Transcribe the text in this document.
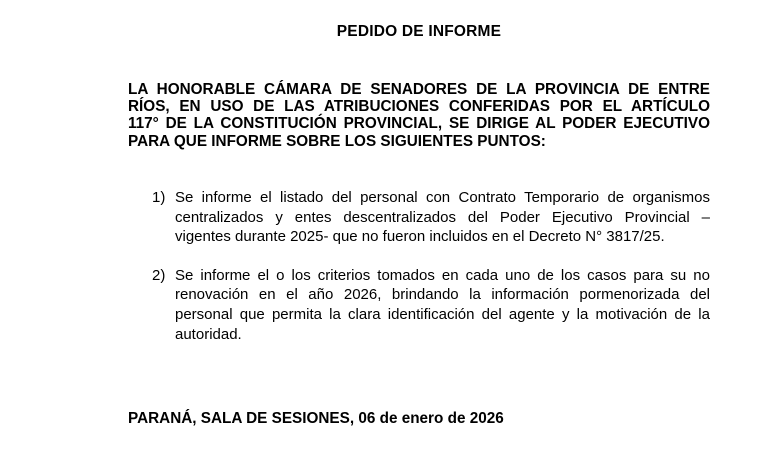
PEDIDO DE INFORME
LA HONORABLE CÁMARA DE SENADORES DE LA PROVINCIA DE ENTRE
RÍOS, EN USO DE LAS ATRIBUCIONES CONFERIDAS POR EL ARTÍCULO
117° DE LA CONSTITUCIÓN PROVINCIAL, SE DIRIGE AL PODER EJECUTIVO
PARA QUE INFORME SOBRE LOS SIGUIENTES PUNTOS:
1) Se informe el listado del personal con Contrato Temporario de organismos
centralizados y entes descentralizados del Poder Ejecutivo Provincial –
vigentes durante 2025- que no fueron incluidos en el Decreto N° 3817/25.
2) Se informe el o los criterios tomados en cada uno de los casos para su no
renovación en el año 2026, brindando la información pormenorizada del
personal que permita la clara identificación del agente y la motivación de la
autoridad.
PARANÁ, SALA DE SESIONES, 06 de enero de 2026
